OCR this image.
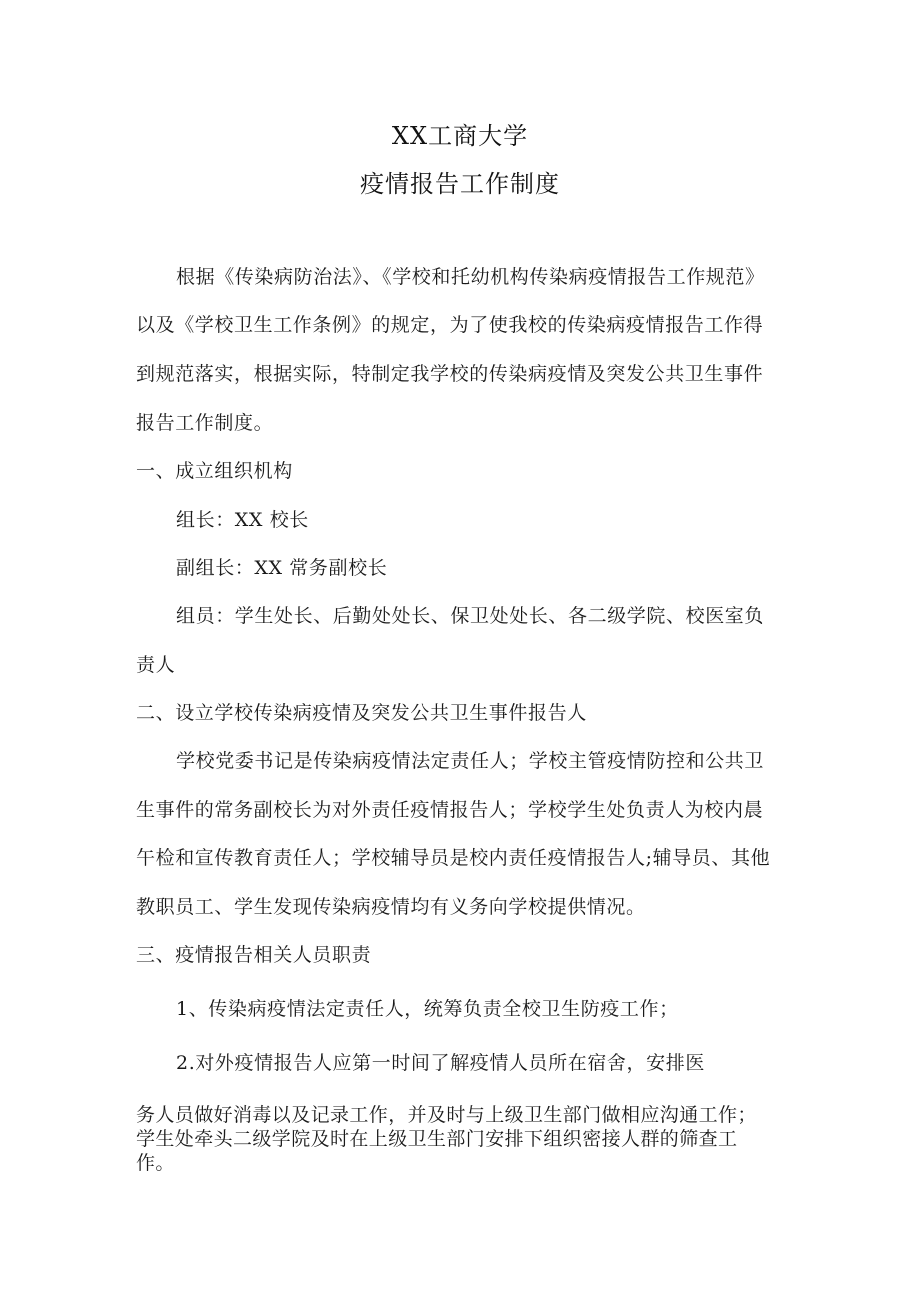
XX工商大学
疫情报告工作制度
根据《传染病防治法》、《学校和托幼机构传染病疫情报告工作规范》
以及《学校卫生工作条例》的规定，为了使我校的传染病疫情报告工作得
到规范落实，根据实际，特制定我学校的传染病疫情及突发公共卫生事件
报告工作制度。
一、成立组织机构
组长：XX 校长
副组长：XX 常务副校长
组员：学生处长、后勤处处长、保卫处处长、各二级学院、校医室负
责人
二、设立学校传染病疫情及突发公共卫生事件报告人
学校党委书记是传染病疫情法定责任人；学校主管疫情防控和公共卫
生事件的常务副校长为对外责任疫情报告人；学校学生处负责人为校内晨
午检和宣传教育责任人；学校辅导员是校内责任疫情报告人;辅导员、其他
教职员工、学生发现传染病疫情均有义务向学校提供情况。
三、疫情报告相关人员职责
1、传染病疫情法定责任人，统筹负责全校卫生防疫工作；
2.对外疫情报告人应第一时间了解疫情人员所在宿舍，安排医
务人员做好消毒以及记录工作，并及时与上级卫生部门做相应沟通工作；
学生处牵头二级学院及时在上级卫生部门安排下组织密接人群的筛查工
作。
